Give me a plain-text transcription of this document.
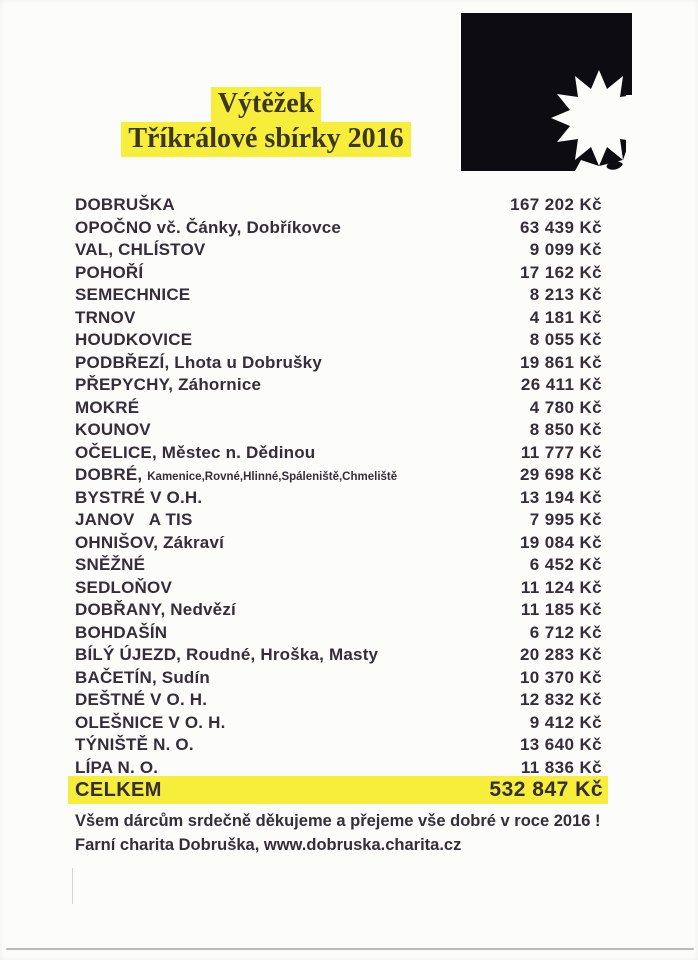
Výtěžek
Tříkrálové sbírky 2016
DOBRUŠKA	167 202 Kč
OPOČNO vč. Čánky, Dobříkovce	63 439 Kč
VAL, CHLÍSTOV	9 099 Kč
POHOŘÍ	17 162 Kč
SEMECHNICE	8 213 Kč
TRNOV	4 181 Kč
HOUDKOVICE	8 055 Kč
PODBŘEZÍ, Lhota u Dobrušky	19 861 Kč
PŘEPYCHY, Záhornice	26 411 Kč
MOKRÉ	4 780 Kč
KOUNOV	8 850 Kč
OČELICE, Městec n. Dědinou	11 777 Kč
DOBRÉ, Kamenice,Rovné,Hlinné,Spáleniště,Chmeliště	29 698 Kč
BYSTRÉ V O.H.	13 194 Kč
JANOV   A TIS	7 995 Kč
OHNIŠOV, Zákraví	19 084 Kč
SNĚŽNÉ	6 452 Kč
SEDLOŇOV	11 124 Kč
DOBŘANY, Nedvězí	11 185 Kč
BOHDAŠÍN	6 712 Kč
BÍLÝ ÚJEZD, Roudné, Hroška, Masty	20 283 Kč
BAČETÍN, Sudín	10 370 Kč
DEŠTNÉ V O. H.	12 832 Kč
OLEŠNICE V O. H.	9 412 Kč
TÝNIŠTĚ N. O.	13 640 Kč
LÍPA N. O.	11 836 Kč
CELKEM	532 847 Kč
Všem dárcům srdečně děkujeme a přejeme vše dobré v roce 2016 !
Farní charita Dobruška, www.dobruska.charita.cz
